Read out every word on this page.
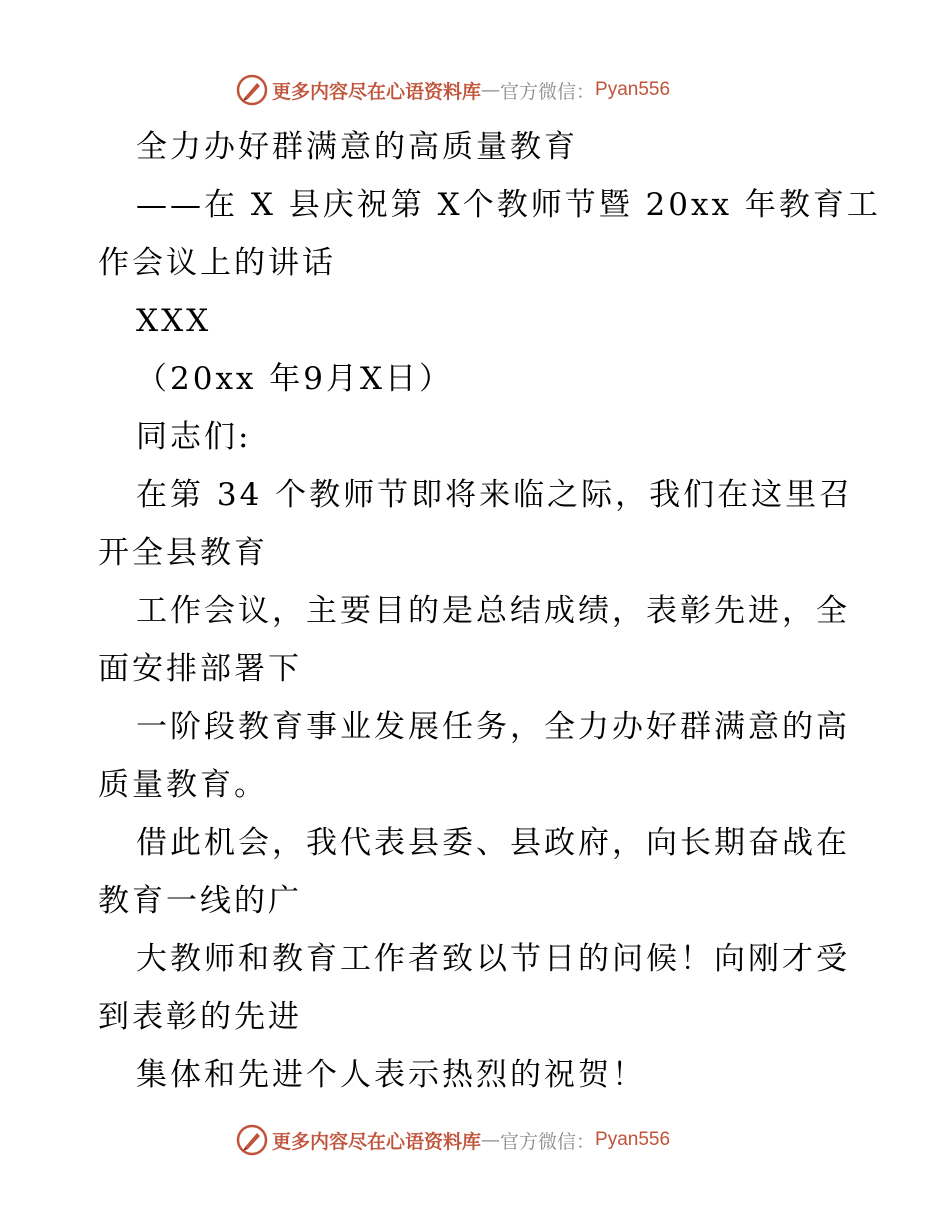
更多内容尽在心语资料库 — 官方微信： Pyan556
全力办好群满意的高质量教育
——在 X 县庆祝第 X个教师节暨 20xx 年教育工
作会议上的讲话
XXX
（20xx 年9月X日）
同志们:
在第 34 个教师节即将来临之际，我们在这里召
开全县教育
工作会议，主要目的是总结成绩，表彰先进，全
面安排部署下
一阶段教育事业发展任务，全力办好群满意的高
质量教育。
借此机会，我代表县委、县政府，向长期奋战在
教育一线的广
大教师和教育工作者致以节日的问候！向刚才受
到表彰的先进
集体和先进个人表示热烈的祝贺！
更多内容尽在心语资料库 — 官方微信： Pyan556
